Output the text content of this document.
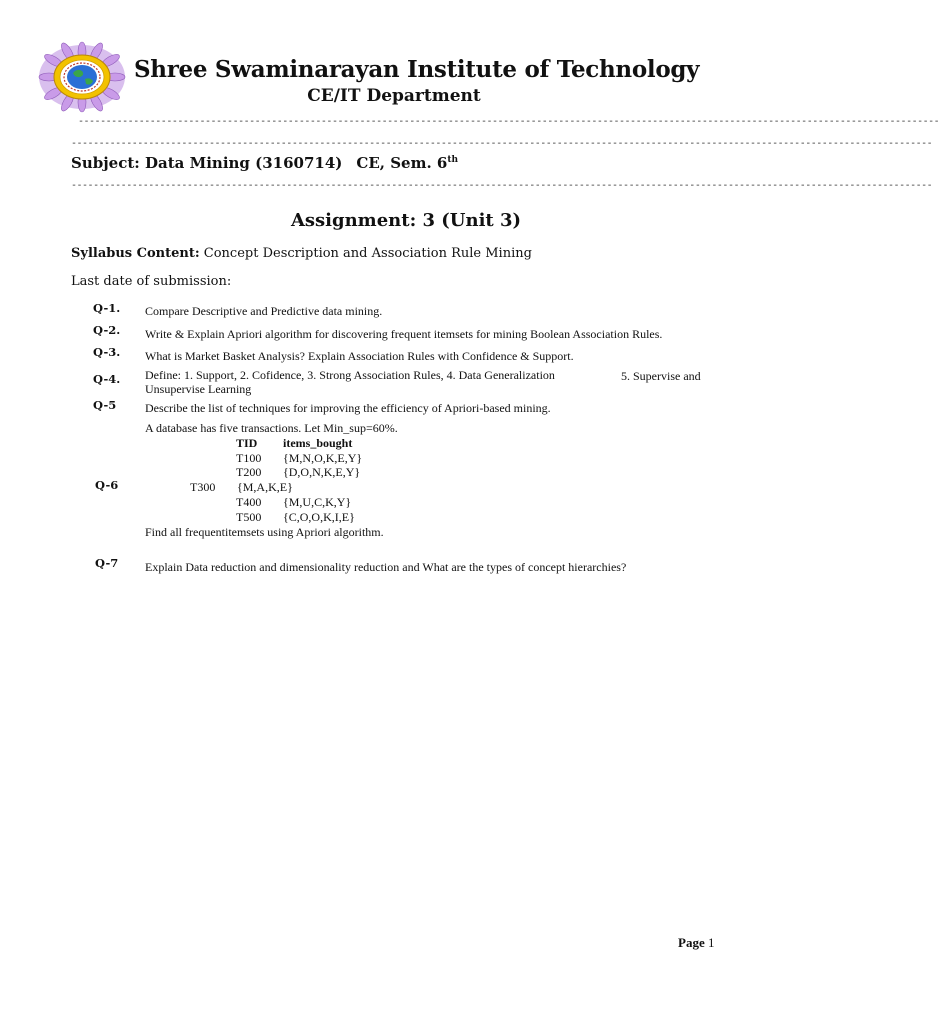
Shree Swaminarayan Institute of Technology
CE/IT Department
------------------------------------------------------------------------------------------------------------------------------------------------------------
------------------------------------------------------------------------------------------------------------------------------------------------------------
Subject: Data Mining (3160714) CE, Sem. 6th
------------------------------------------------------------------------------------------------------------------------------------------------------------
Assignment: 3 (Unit 3)
Syllabus Content: Concept Description and Association Rule Mining
Last date of submission:
Q-1. Compare Descriptive and Predictive data mining.
Q-2. Write & Explain Apriori algorithm for discovering frequent itemsets for mining Boolean Association Rules.
Q-3. What is Market Basket Analysis? Explain Association Rules with Confidence & Support.
Q-4. Define: 1. Support, 2. Cofidence, 3. Strong Association Rules, 4. Data Generalization	5. Supervise and
Unsupervise Learning
Q-5 Describe the list of techniques for improving the efficiency of Apriori-based mining.
A database has five transactions. Let Min_sup=60%.
TID items_bought
T100 {M,N,O,K,E,Y}
T200 {D,O,N,K,E,Y}
Q-6	T300 {M,A,K,E}
T400 {M,U,C,K,Y}
T500 {C,O,O,K,I,E}
Find all frequentitemsets using Apriori algorithm.
Q-7 Explain Data reduction and dimensionality reduction and What are the types of concept hierarchies?
Page 1
